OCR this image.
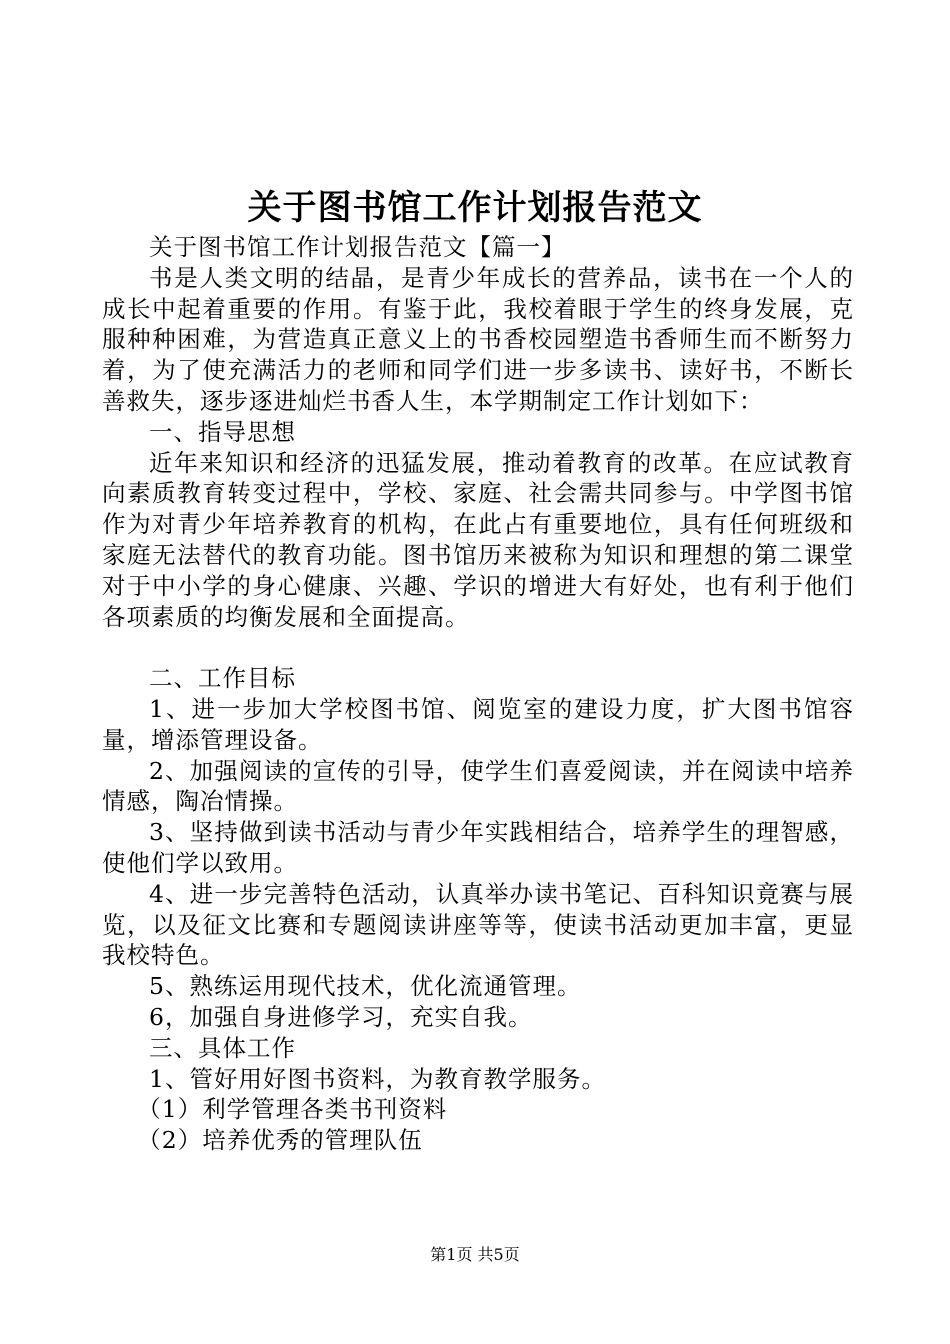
关于图书馆工作计划报告范文

关于图书馆工作计划报告范文【篇一】

书是人类文明的结晶，是青少年成长的营养品，读书在一个人的成长中起着重要的作用。有鉴于此，我校着眼于学生的终身发展，克服种种困难，为营造真正意义上的书香校园塑造书香师生而不断努力着，为了使充满活力的老师和同学们进一步多读书、读好书，不断长善救失，逐步逐进灿烂书香人生，本学期制定工作计划如下：

一、指导思想

近年来知识和经济的迅猛发展，推动着教育的改革。在应试教育向素质教育转变过程中，学校、家庭、社会需共同参与。中学图书馆作为对青少年培养教育的机构，在此占有重要地位，具有任何班级和家庭无法替代的教育功能。图书馆历来被称为知识和理想的第二课堂对于中小学的身心健康、兴趣、学识的增进大有好处，也有利于他们各项素质的均衡发展和全面提高。

二、工作目标

1、进一步加大学校图书馆、阅览室的建设力度，扩大图书馆容量，增添管理设备。

2、加强阅读的宣传的引导，使学生们喜爱阅读，并在阅读中培养情感，陶冶情操。

3、坚持做到读书活动与青少年实践相结合，培养学生的理智感，使他们学以致用。

4、进一步完善特色活动，认真举办读书笔记、百科知识竟赛与展览，以及征文比赛和专题阅读讲座等等，使读书活动更加丰富，更显我校特色。

5、熟练运用现代技术，优化流通管理。

6，加强自身进修学习，充实自我。

三、具体工作

1、管好用好图书资料，为教育教学服务。

（1）利学管理各类书刊资料

（2）培养优秀的管理队伍

第1页 共5页
